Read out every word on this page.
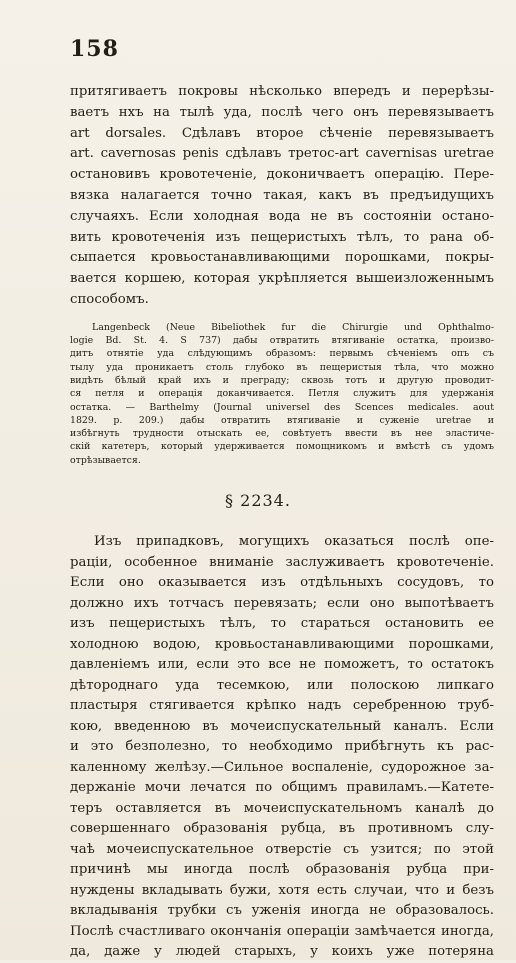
158
притягиваетъ покровы нѣсколько впередъ и перерѣзы-
ваетъ нхъ на тылѣ уда, послѣ чего онъ перевязываетъ
art dorsales. Сдѣлавъ второе сѣченіе перевязываетъ
art. cavernosas penis сдѣлавъ третос-art cavernisas uretrae
остановивъ кровотеченіе, доконичваетъ операцію. Пере-
вязка налагается точно такая, какъ въ предъидущихъ
случаяхъ. Если холодная вода не въ состояніи остано-
вить кровотеченія изъ пещеристыхъ тѣлъ, то рана об-
сыпается кровьостанавливающими порошками, покры-
вается коршею, которая укрѣпляется вышеизложеннымъ
способомъ.
Langenbeck (Neue Bibeliothek fur die Chirurgie und Ophthalmo-
logie Bd. St. 4. S 737) дабы отвратить втягиваніе остатка, произво-
дитъ отнятіе уда слѣдующимъ образомъ: первымъ сѣченіемъ опъ съ
тылу уда проникаетъ столь глубоко въ пещеристыя тѣла, что можно
видѣть бѣлый край ихъ и преграду; сквозь тотъ и другую проводит-
ся петля и операція доканчивается. Петля служитъ для удержанія
остатка. — Barthelmy (Journal universel des Scences medicales. aout
1829. p. 209.) дабы отвратить втягиваніе и суженіе uretrae и
избѣгнуть трудности отыскать ее, совѣтуетъ ввести въ нее эластиче-
скій катетеръ, который удерживается помощникомъ и вмѣстѣ съ удомъ
отрѣзывается.
§ 2234.
Изъ припадковъ, могущихъ оказаться послѣ опе-
раціи, особенное вниманіе заслуживаетъ кровотеченіе.
Если оно оказывается изъ отдѣльныхъ сосудовъ, то
должно ихъ тотчасъ перевязать; если оно выпотѣваетъ
изъ пещеристыхъ тѣлъ, то стараться остановить ее
холодною водою, кровьостанавливающими порошками,
давленіемъ или, если это все не поможетъ, то остатокъ
дѣтороднаго уда тесемкою, или полоскою липкаго
пластыря стягивается крѣпко надъ серебренною труб-
кою, введенною въ мочеиспускательный каналъ. Если
и это безполезно, то необходимо прибѣгнуть къ рас-
каленному желѣзу.—Сильное воспаленіе, судорожное за-
держаніе мочи лечатся по общимъ правиламъ.—Катете-
теръ оставляется въ мочеиспускательномъ каналѣ до
совершеннаго образованія рубца, въ противномъ слу-
чаѣ мочеиспускательное отверстіе съ узится; по этой
причинѣ мы иногда послѣ образованія рубца при-
нуждены вкладывать бужи, хотя есть случаи, что и безъ
вкладыванія трубки съ уженія иногда не образовалось.
Послѣ счастливаго окончанія операціи замѣчается иногда,
да, даже у людей старыхъ, у коихъ уже потеряна
